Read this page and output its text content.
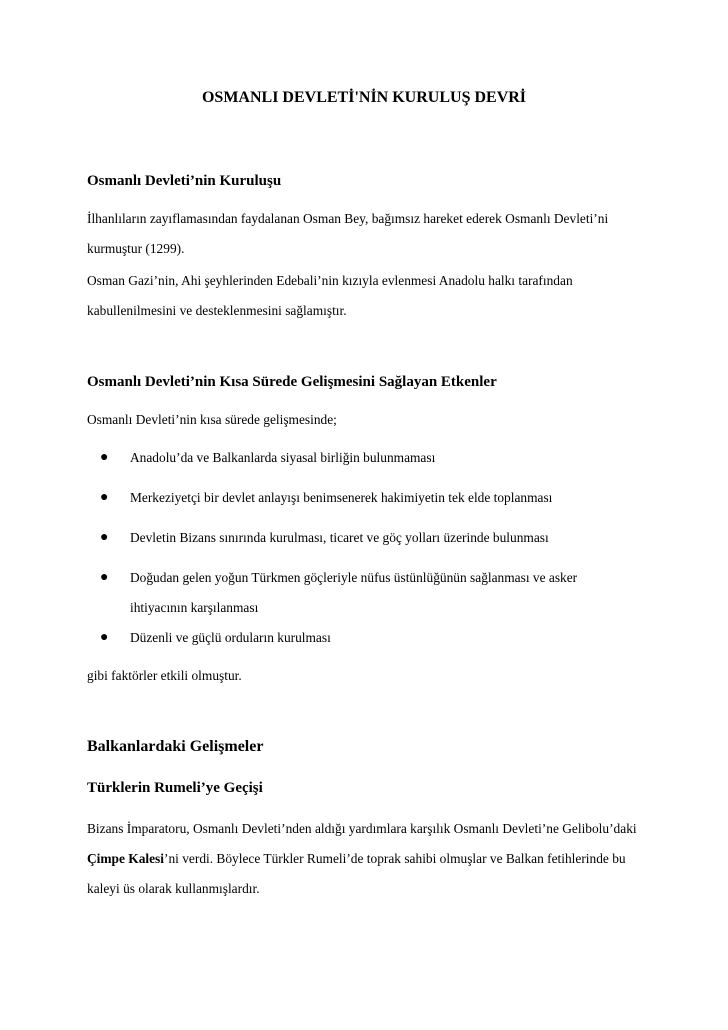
OSMANLI DEVLETİ'NİN KURULUŞ DEVRİ
Osmanlı Devleti’nin Kuruluşu

İlhanlıların zayıflamasından faydalanan Osman Bey, bağımsız hareket ederek Osmanlı Devleti’ni kurmuştur (1299).

Osman Gazi’nin, Ahi şeyhlerinden Edebali’nin kızıyla evlenmesi Anadolu halkı tarafından kabullenilmesini ve desteklenmesini sağlamıştır.

Osmanlı Devleti’nin Kısa Sürede Gelişmesini Sağlayan Etkenler

Osmanlı Devleti’nin kısa sürede gelişmesinde;

● Anadolu’da ve Balkanlarda siyasal birliğin bulunmaması
● Merkeziyetçi bir devlet anlayışı benimsenerek hakimiyetin tek elde toplanması
● Devletin Bizans sınırında kurulması, ticaret ve göç yolları üzerinde bulunması
● Doğudan gelen yoğun Türkmen göçleriyle nüfus üstünlüğünün sağlanması ve asker ihtiyacının karşılanması
● Düzenli ve güçlü orduların kurulması

gibi faktörler etkili olmuştur.

Balkanlardaki Gelişmeler
Türklerin Rumeli’ye Geçişi

Bizans İmparatoru, Osmanlı Devleti’nden aldığı yardımlara karşılık Osmanlı Devleti’ne Gelibolu’daki Çimpe Kalesi’ni verdi. Böylece Türkler Rumeli’de toprak sahibi olmuşlar ve Balkan fetihlerinde bu kaleyi üs olarak kullanmışlardır.
